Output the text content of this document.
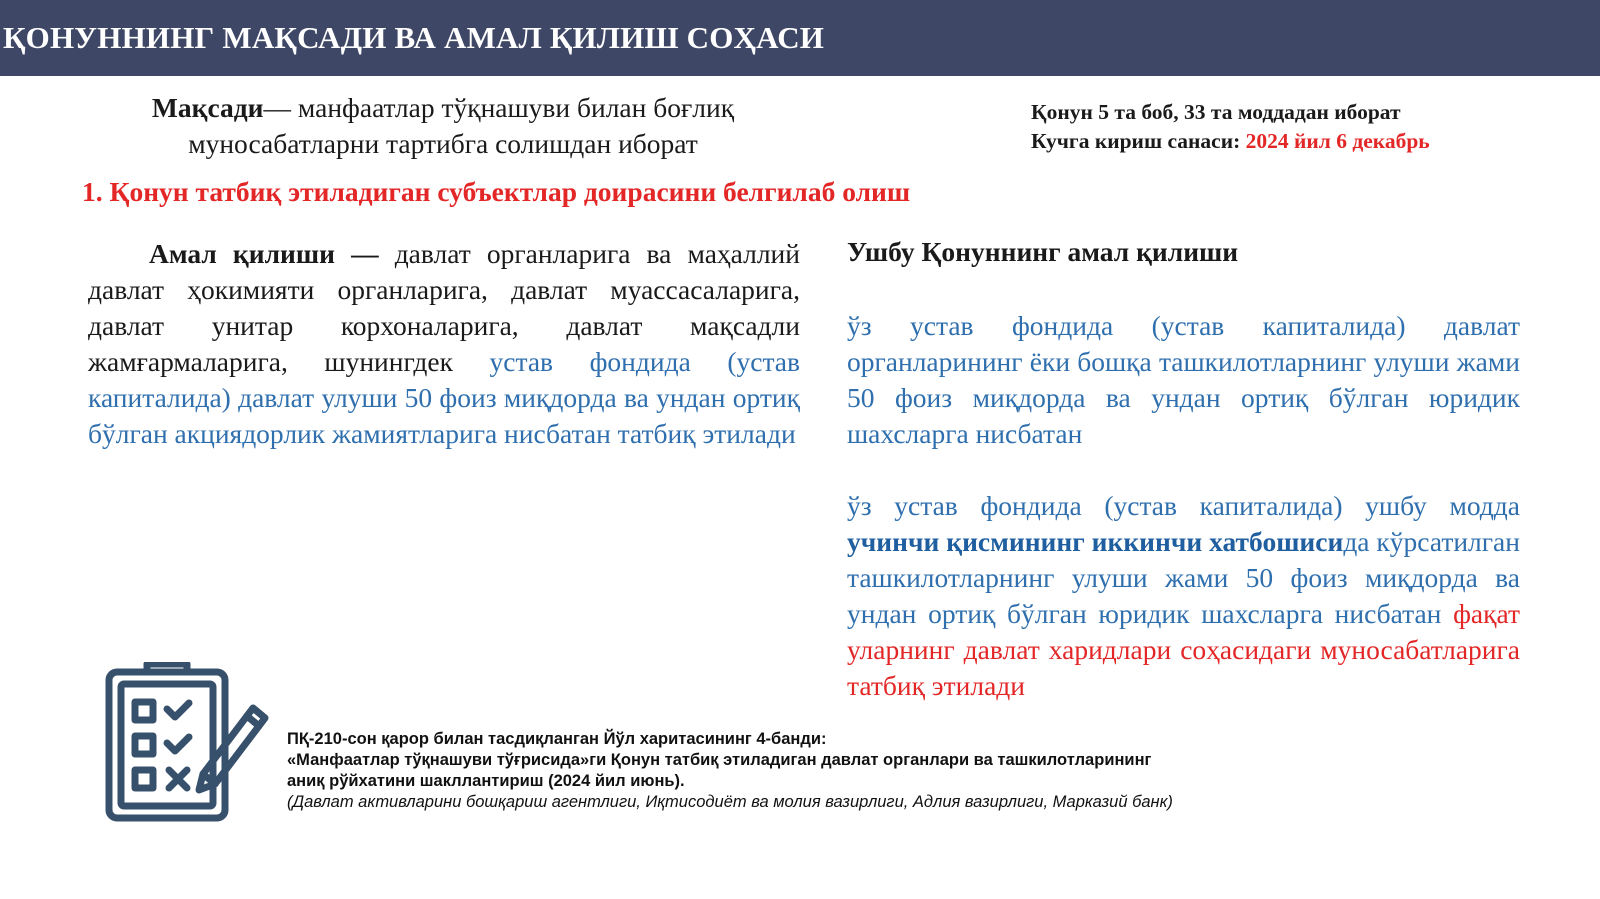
ҚОНУННИНГ МАҚСАДИ ВА АМАЛ ҚИЛИШ СОҲАСИ
Мақсади— манфаатлар тўқнашуви билан боғлиқ муносабатларни тартибга солишдан иборат
Қонун 5 та боб, 33 та моддадан иборат
Кучга кириш санаси: 2024 йил 6 декабрь
1. Қонун татбиқ этиладиган субъектлар доирасини белгилаб олиш
Амал қилиши — давлат органларига ва маҳаллий давлат ҳокимияти органларига, давлат муассасаларига, давлат унитар корхоналарига, давлат мақсадли жамғармаларига, шунингдек устав фондида (устав капиталида) давлат улуши 50 фоиз миқдорда ва ундан ортиқ бўлган акциядорлик жамиятларига нисбатан татбиқ этилади
Ушбу Қонуннинг амал қилиши
ўз устав фондида (устав капиталида) давлат органларининг ёки бошқа ташкилотларнинг улуши жами 50 фоиз миқдорда ва ундан ортиқ бўлган юридик шахсларга нисбатан
ўз устав фондида (устав капиталида) ушбу модда учинчи қисмининг иккинчи хатбошисида кўрсатилган ташкилотларнинг улуши жами 50 фоиз миқдорда ва ундан ортиқ бўлган юридик шахсларга нисбатан фақат уларнинг давлат харидлари соҳасидаги муносабатларига татбиқ этилади
ПҚ-210-сон қарор билан тасдиқланган Йўл харитасининг 4-банди:
«Манфаатлар тўқнашуви тўғрисида»ги Қонун татбиқ этиладиган давлат органлари ва ташкилотларининг
аниқ рўйхатини шакллантириш (2024 йил июнь).
(Давлат активларини бошқариш агентлиги, Иқтисодиёт ва молия вазирлиги, Адлия вазирлиги, Марказий банк)
